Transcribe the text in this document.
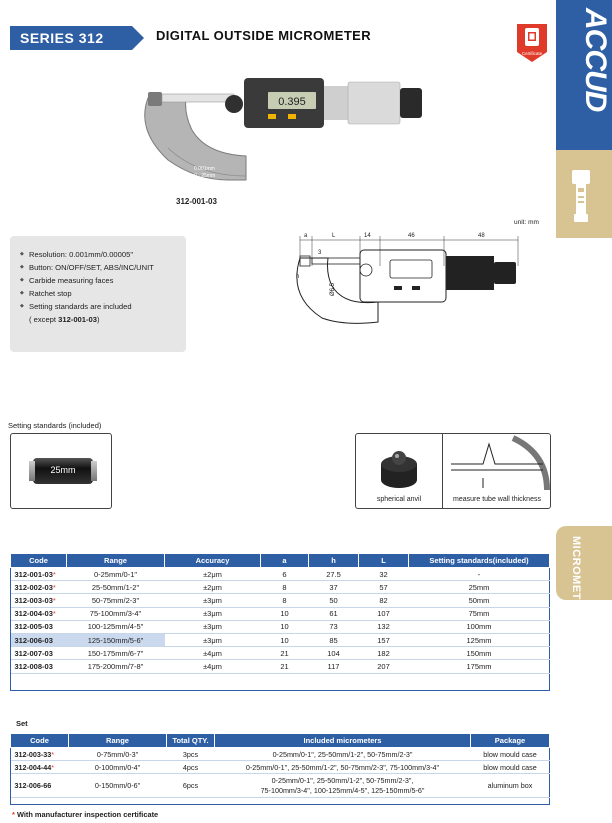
SERIES 312	DIGITAL OUTSIDE MICROMETER
Certificate	ACCUD
MICROMETER
0.395
0.001mm
0 - 25mm
312-001-03
unit: mm
a	L	14	46	48
3
h
Ø6.5
◆ Resolution: 0.001mm/0.00005"
◆ Button: ON/OFF/SET, ABS/INC/UNIT
◆ Carbide measuring faces
◆ Ratchet stop
◆ Setting standards are included
( except 312-001-03)
Setting standards (included)
25mm
spherical anvil	measure tube wall thickness
Code	Range	Accuracy	a	h	L	Setting standards(included)
312-001-03*	0-25mm/0-1"	±2μm	6	27.5	32	-
312-002-03*	25-50mm/1-2"	±2μm	8	37	57	25mm
312-003-03*	50-75mm/2-3"	±3μm	8	50	82	50mm
312-004-03*	75-100mm/3-4"	±3μm	10	61	107	75mm
312-005-03	100-125mm/4-5"	±3μm	10	73	132	100mm
312-006-03	125-150mm/5-6"	±3μm	10	85	157	125mm
312-007-03	150-175mm/6-7"	±4μm	21	104	182	150mm
312-008-03	175-200mm/7-8"	±4μm	21	117	207	175mm
Set
Code	Range	Total QTY.	Included micrometers	Package
312-003-33*	0-75mm/0-3"	3pcs	0-25mm/0-1", 25-50mm/1-2", 50-75mm/2-3"	blow mould case
312-004-44*	0-100mm/0-4"	4pcs	0-25mm/0-1", 25-50mm/1-2", 50-75mm/2-3", 75-100mm/3-4"	blow mould case
312-006-66	0-150mm/0-6"	6pcs	0-25mm/0-1", 25-50mm/1-2", 50-75mm/2-3",
75-100mm/3-4", 100-125mm/4-5", 125-150mm/5-6"	aluminum box
* With manufacturer inspection certificate
